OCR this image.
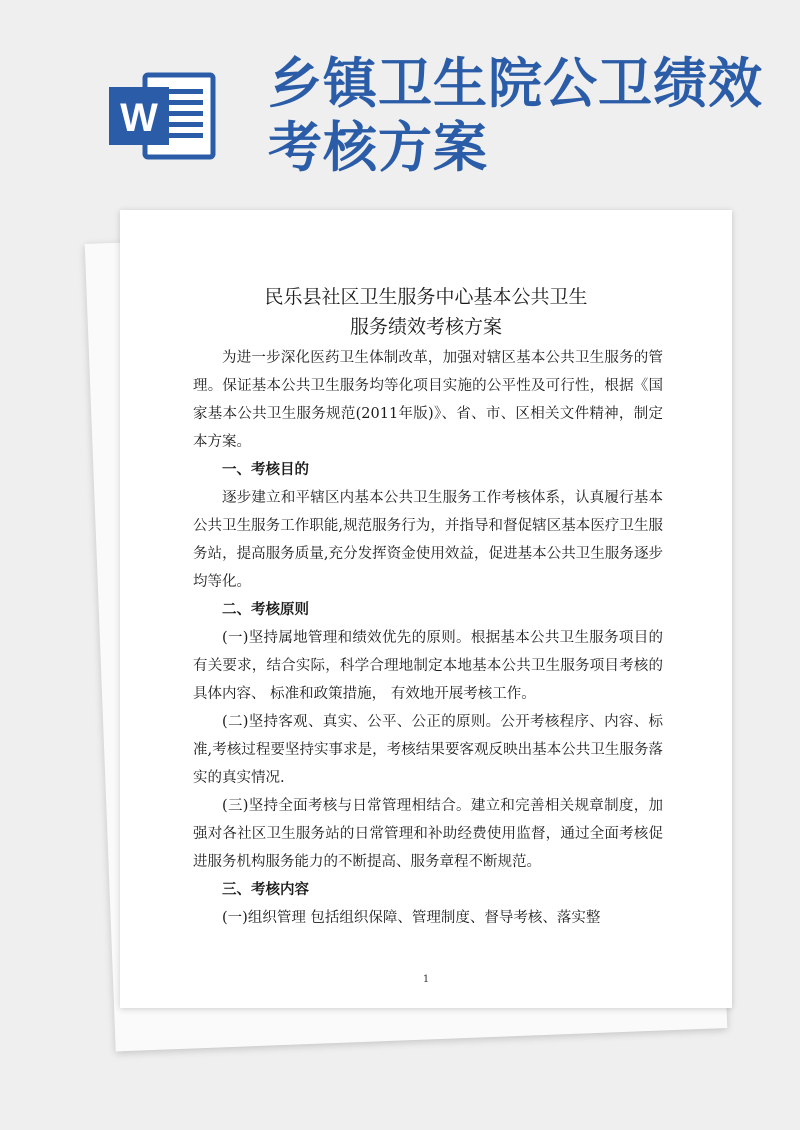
W
乡镇卫生院公卫绩效考核方案
民乐县社区卫生服务中心基本公共卫生
服务绩效考核方案

为进一步深化医药卫生体制改革，加强对辖区基本公共卫生服务的管理。保证基本公共卫生服务均等化项目实施的公平性及可行性，根据《国家基本公共卫生服务规范(2011年版)》、省、市、区相关文件精神，制定本方案。

一、考核目的

逐步建立和平辖区内基本公共卫生服务工作考核体系，认真履行基本公共卫生服务工作职能,规范服务行为，并指导和督促辖区基本医疗卫生服务站，提高服务质量,充分发挥资金使用效益，促进基本公共卫生服务逐步均等化。

二、考核原则

(一)坚持属地管理和绩效优先的原则。根据基本公共卫生服务项目的有关要求，结合实际，科学合理地制定本地基本公共卫生服务项目考核的具体内容、 标准和政策措施， 有效地开展考核工作。

(二)坚持客观、真实、公平、公正的原则。公开考核程序、内容、标准,考核过程要坚持实事求是，考核结果要客观反映出基本公共卫生服务落实的真实情况.

(三)坚持全面考核与日常管理相结合。建立和完善相关规章制度，加强对各社区卫生服务站的日常管理和补助经费使用监督，通过全面考核促进服务机构服务能力的不断提高、服务章程不断规范。

三、考核内容

(一)组织管理 包括组织保障、管理制度、督导考核、落实整

1
